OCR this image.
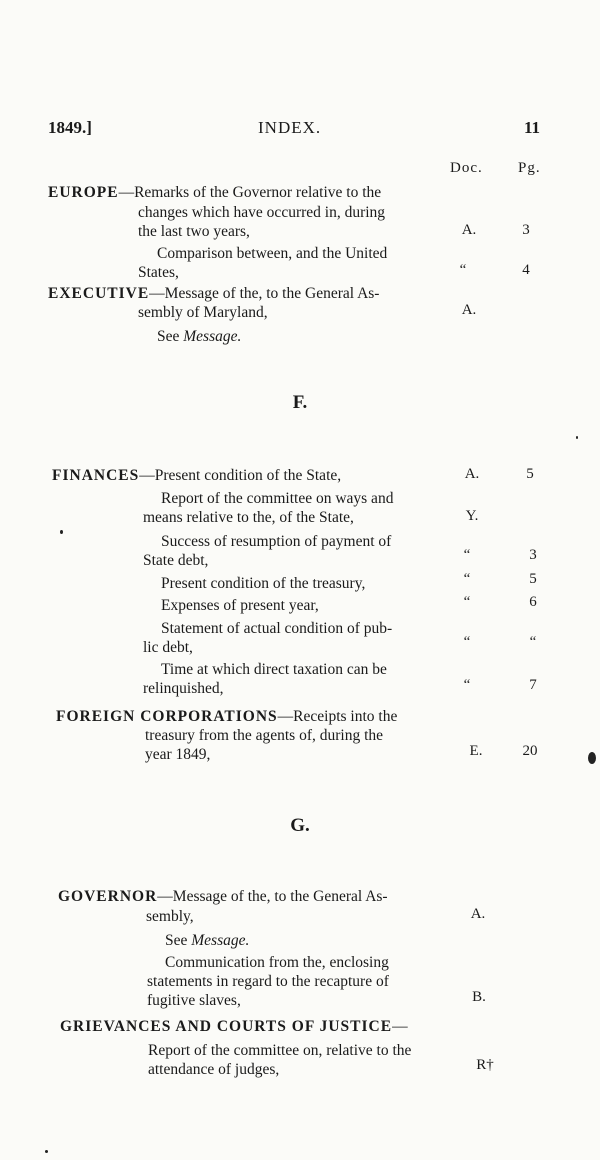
1849.]	INDEX.	11
Doc. Pg.
EUROPE—Remarks of the Governor relative to the
changes which have occurred in, during
the last two years,	A.	3
Comparison between, and the United
States,	“	4
EXECUTIVE—Message of the, to the General As-
sembly of Maryland,	A.
See Message.
F.
FINANCES—Present condition of the State,	A.	5
Report of the committee on ways and
means relative to the, of the State,	Y.
Success of resumption of payment of
State debt,	“	3
Present condition of the treasury,	“	5
Expenses of present year,	“	6
Statement of actual condition of pub-
lic debt,	“	“
Time at which direct taxation can be
relinquished,	“	7
FOREIGN CORPORATIONS—Receipts into the
treasury from the agents of, during the
year 1849,	E.	20
G.
GOVERNOR—Message of the, to the General As-
sembly,	A.
See Message.
Communication from the, enclosing
statements in regard to the recapture of
fugitive slaves,	B.
GRIEVANCES AND COURTS OF JUSTICE—
Report of the committee on, relative to the
attendance of judges,	R†
